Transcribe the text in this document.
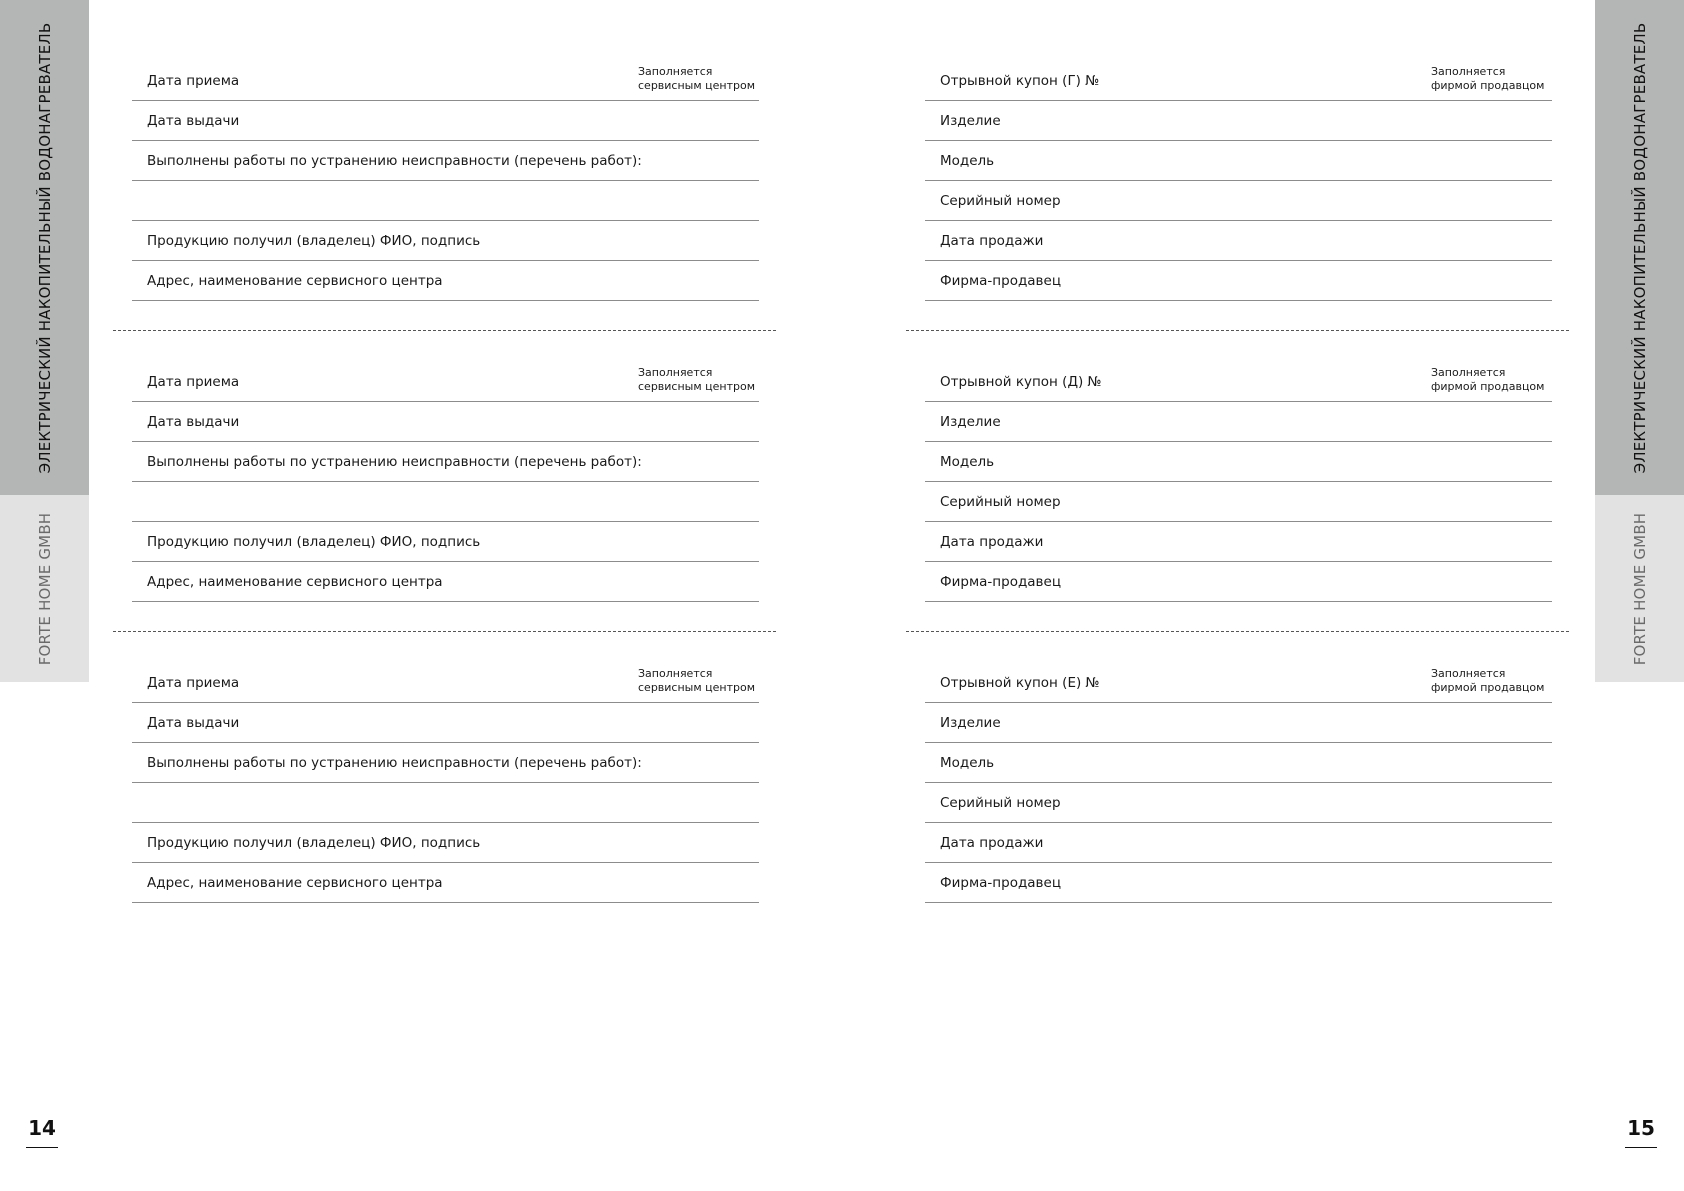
ЭЛЕКТРИЧЕСКИЙ НАКОПИТЕЛЬНЫЙ ВОДОНАГРЕВАТЕЛЬ
FORTE HOME GMBH
ЭЛЕКТРИЧЕСКИЙ НАКОПИТЕЛЬНЫЙ ВОДОНАГРЕВАТЕЛЬ
FORTE HOME GMBH
Дата приема
Заполняется
сервисным центром
Дата выдачи
Выполнены работы по устранению неисправности (перечень работ):
Продукцию получил (владелец) ФИО, подпись
Адрес, наименование сервисного центра
Дата приема
Заполняется
сервисным центром
Дата выдачи
Выполнены работы по устранению неисправности (перечень работ):
Продукцию получил (владелец) ФИО, подпись
Адрес, наименование сервисного центра
Дата приема
Заполняется
сервисным центром
Дата выдачи
Выполнены работы по устранению неисправности (перечень работ):
Продукцию получил (владелец) ФИО, подпись
Адрес, наименование сервисного центра
Отрывной купон (Г) №
Заполняется
фирмой продавцом
Изделие
Модель
Серийный номер
Дата продажи
Фирма-продавец
Отрывной купон (Д) №
Заполняется
фирмой продавцом
Изделие
Модель
Серийный номер
Дата продажи
Фирма-продавец
Отрывной купон (Е) №
Заполняется
фирмой продавцом
Изделие
Модель
Серийный номер
Дата продажи
Фирма-продавец
14	15
